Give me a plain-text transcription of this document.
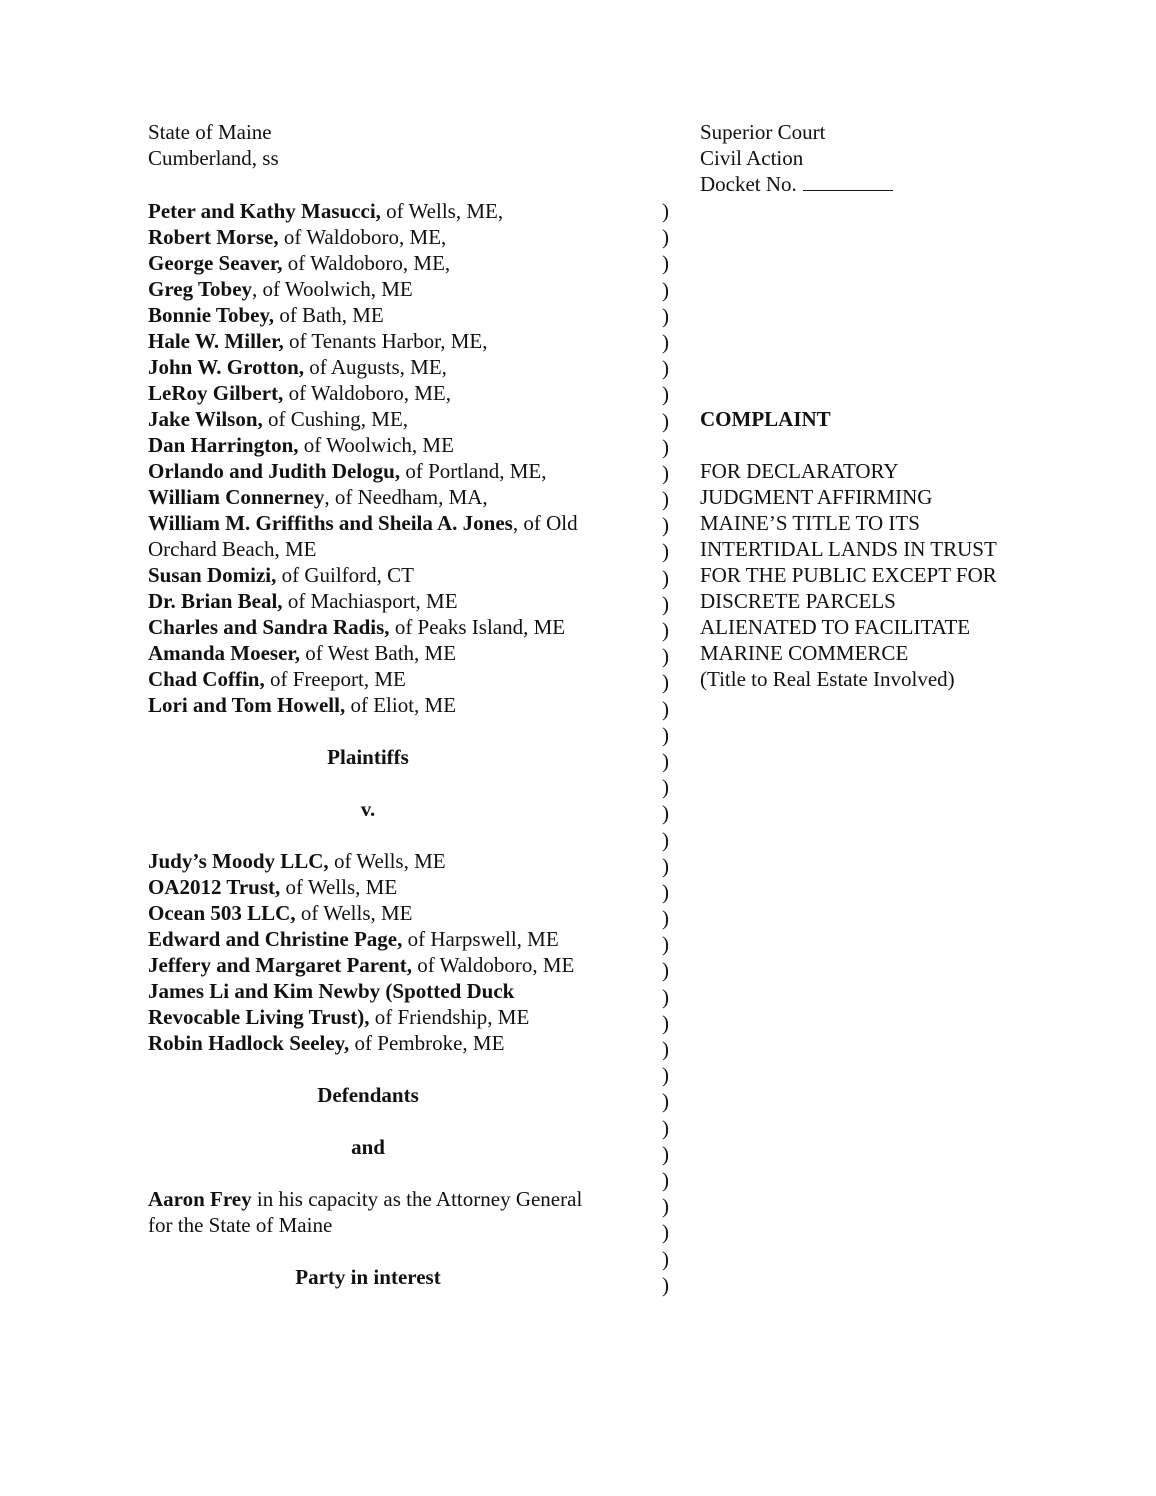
State of Maine
Cumberland, ss
Superior Court
Civil Action
Docket No.
Peter and Kathy Masucci, of Wells, ME,
Robert Morse, of Waldoboro, ME,
George Seaver, of Waldoboro, ME,
Greg Tobey, of Woolwich, ME
Bonnie Tobey, of Bath, ME
Hale W. Miller, of Tenants Harbor, ME,
John W. Grotton, of Augusts, ME,
LeRoy Gilbert, of Waldoboro, ME,
Jake Wilson, of Cushing, ME,
Dan Harrington, of Woolwich, ME
Orlando and Judith Delogu, of Portland, ME,
William Connerney, of Needham, MA,
William M. Griffiths and Sheila A. Jones, of Old
Orchard Beach, ME
Susan Domizi, of Guilford, CT
Dr. Brian Beal, of Machiasport, ME
Charles and Sandra Radis, of Peaks Island, ME
Amanda Moeser, of West Bath, ME
Chad Coffin, of Freeport, ME
Lori and Tom Howell, of Eliot, ME
Plaintiffs
v.
Judy’s Moody LLC, of Wells, ME
OA2012 Trust, of Wells, ME
Ocean 503 LLC, of Wells, ME
Edward and Christine Page, of Harpswell, ME
Jeffery and Margaret Parent, of Waldoboro, ME
James Li and Kim Newby (Spotted Duck
Revocable Living Trust), of Friendship, ME
Robin Hadlock Seeley, of Pembroke, ME
Defendants
and
Aaron Frey in his capacity as the Attorney General
for the State of Maine
Party in interest
)
)
)
)
)
)
)
)
)
)
)
)
)
)
)
)
)
)
)
)
)
)
)
)
)
)
)
)
)
)
)
)
)
)
)
)
)
)
)
)
)
)
COMPLAINT
FOR DECLARATORY
JUDGMENT AFFIRMING
MAINE’S TITLE TO ITS
INTERTIDAL LANDS IN TRUST
FOR THE PUBLIC EXCEPT FOR
DISCRETE PARCELS
ALIENATED TO FACILITATE
MARINE COMMERCE
(Title to Real Estate Involved)
